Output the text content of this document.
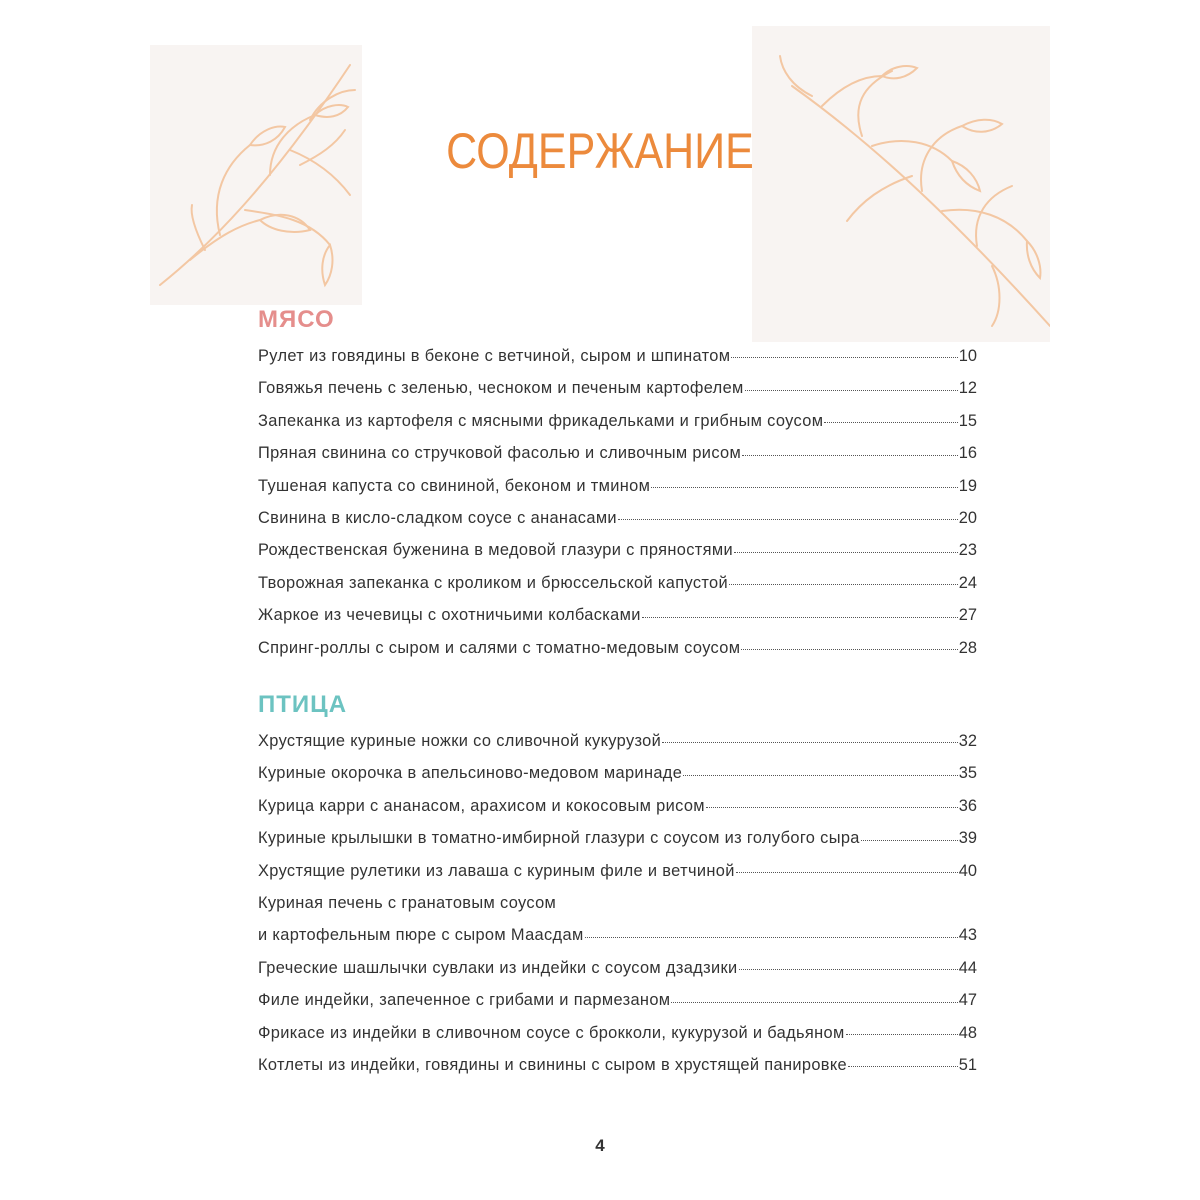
СОДЕРЖАНИЕ
МЯСО
Рулет из говядины в беконе с ветчиной, сыром и шпинатом	10
Говяжья печень с зеленью, чесноком и печеным картофелем	12
Запеканка из картофеля с мясными фрикадельками и грибным соусом	15
Пряная свинина со стручковой фасолью и сливочным рисом	16
Тушеная капуста со свининой, беконом и тмином	19
Свинина в кисло-сладком соусе с ананасами	20
Рождественская буженина в медовой глазури с пряностями	23
Творожная запеканка с кроликом и брюссельской капустой	24
Жаркое из чечевицы с охотничьими колбасками	27
Спринг-роллы с сыром и салями с томатно-медовым соусом	28
ПТИЦА
Хрустящие куриные ножки со сливочной кукурузой	32
Куриные окорочка в апельсиново-медовом маринаде	35
Курица карри с ананасом, арахисом и кокосовым рисом	36
Куриные крылышки в томатно-имбирной глазури с соусом из голубого сыра	39
Хрустящие рулетики из лаваша с куриным филе и ветчиной	40
Куриная печень с гранатовым соусом
и картофельным пюре с сыром Маасдам	43
Греческие шашлычки сувлаки из индейки с соусом дзадзики	44
Филе индейки, запеченное с грибами и пармезаном	47
Фрикасе из индейки в сливочном соусе с брокколи, кукурузой и бадьяном	48
Котлеты из индейки, говядины и свинины с сыром в хрустящей панировке	51
4
